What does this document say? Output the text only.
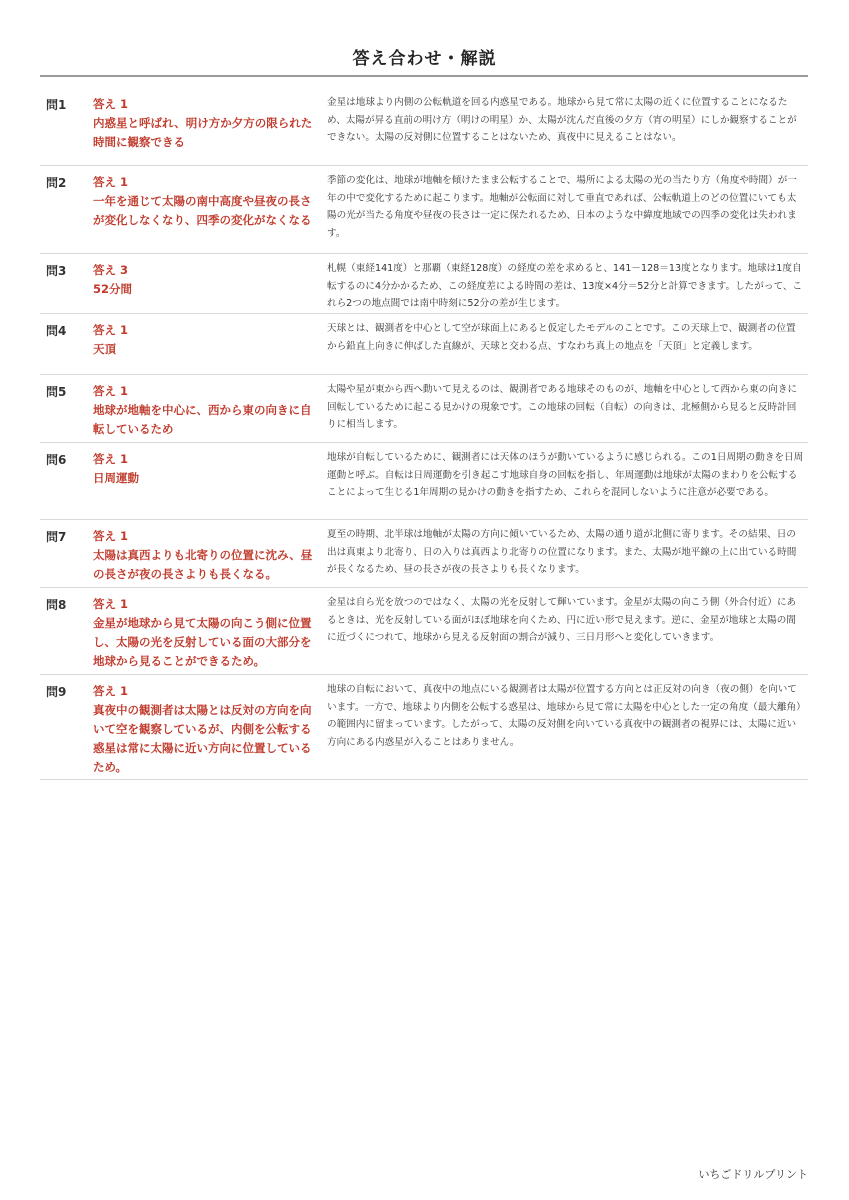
答え合わせ・解説
問1	答え 1
内惑星と呼ばれ、明け方か夕方の限られた時間に観察できる
金星は地球より内側の公転軌道を回る内惑星である。地球から見て常に太陽の近くに位置することになるため、太陽が昇る直前の明け方（明けの明星）か、太陽が沈んだ直後の夕方（宵の明星）にしか観察することができない。太陽の反対側に位置することはないため、真夜中に見えることはない。
問2	答え 1
一年を通じて太陽の南中高度や昼夜の長さが変化しなくなり、四季の変化がなくなる
季節の変化は、地球が地軸を傾けたまま公転することで、場所による太陽の光の当たり方（角度や時間）が一年の中で変化するために起こります。地軸が公転面に対して垂直であれば、公転軌道上のどの位置にいても太陽の光が当たる角度や昼夜の長さは一定に保たれるため、日本のような中緯度地域での四季の変化は失われます。
問3	答え 3
52分間
札幌（東経141度）と那覇（東経128度）の経度の差を求めると、141－128＝13度となります。地球は1度自転するのに4分かかるため、この経度差による時間の差は、13度×4分＝52分と計算できます。したがって、これら2つの地点間では南中時刻に52分の差が生じます。
問4	答え 1
天頂
天球とは、観測者を中心として空が球面上にあると仮定したモデルのことです。この天球上で、観測者の位置から鉛直上向きに伸ばした直線が、天球と交わる点、すなわち真上の地点を「天頂」と定義します。
問5	答え 1
地球が地軸を中心に、西から東の向きに自転しているため
太陽や星が東から西へ動いて見えるのは、観測者である地球そのものが、地軸を中心として西から東の向きに回転しているために起こる見かけの現象です。この地球の回転（自転）の向きは、北極側から見ると反時計回りに相当します。
問6	答え 1
日周運動
地球が自転しているために、観測者には天体のほうが動いているように感じられる。この1日周期の動きを日周運動と呼ぶ。自転は日周運動を引き起こす地球自身の回転を指し、年周運動は地球が太陽のまわりを公転することによって生じる1年周期の見かけの動きを指すため、これらを混同しないように注意が必要である。
問7	答え 1
太陽は真西よりも北寄りの位置に沈み、昼の長さが夜の長さよりも長くなる。
夏至の時期、北半球は地軸が太陽の方向に傾いているため、太陽の通り道が北側に寄ります。その結果、日の出は真東より北寄り、日の入りは真西より北寄りの位置になります。また、太陽が地平線の上に出ている時間が長くなるため、昼の長さが夜の長さよりも長くなります。
問8	答え 1
金星が地球から見て太陽の向こう側に位置し、太陽の光を反射している面の大部分を地球から見ることができるため。
金星は自ら光を放つのではなく、太陽の光を反射して輝いています。金星が太陽の向こう側（外合付近）にあるときは、光を反射している面がほぼ地球を向くため、円に近い形で見えます。逆に、金星が地球と太陽の間に近づくにつれて、地球から見える反射面の割合が減り、三日月形へと変化していきます。
問9	答え 1
真夜中の観測者は太陽とは反対の方向を向いて空を観察しているが、内側を公転する惑星は常に太陽に近い方向に位置しているため。
地球の自転において、真夜中の地点にいる観測者は太陽が位置する方向とは正反対の向き（夜の側）を向いています。一方で、地球より内側を公転する惑星は、地球から見て常に太陽を中心とした一定の角度（最大離角）の範囲内に留まっています。したがって、太陽の反対側を向いている真夜中の観測者の視界には、太陽に近い方向にある内惑星が入ることはありません。
いちごドリルプリント
